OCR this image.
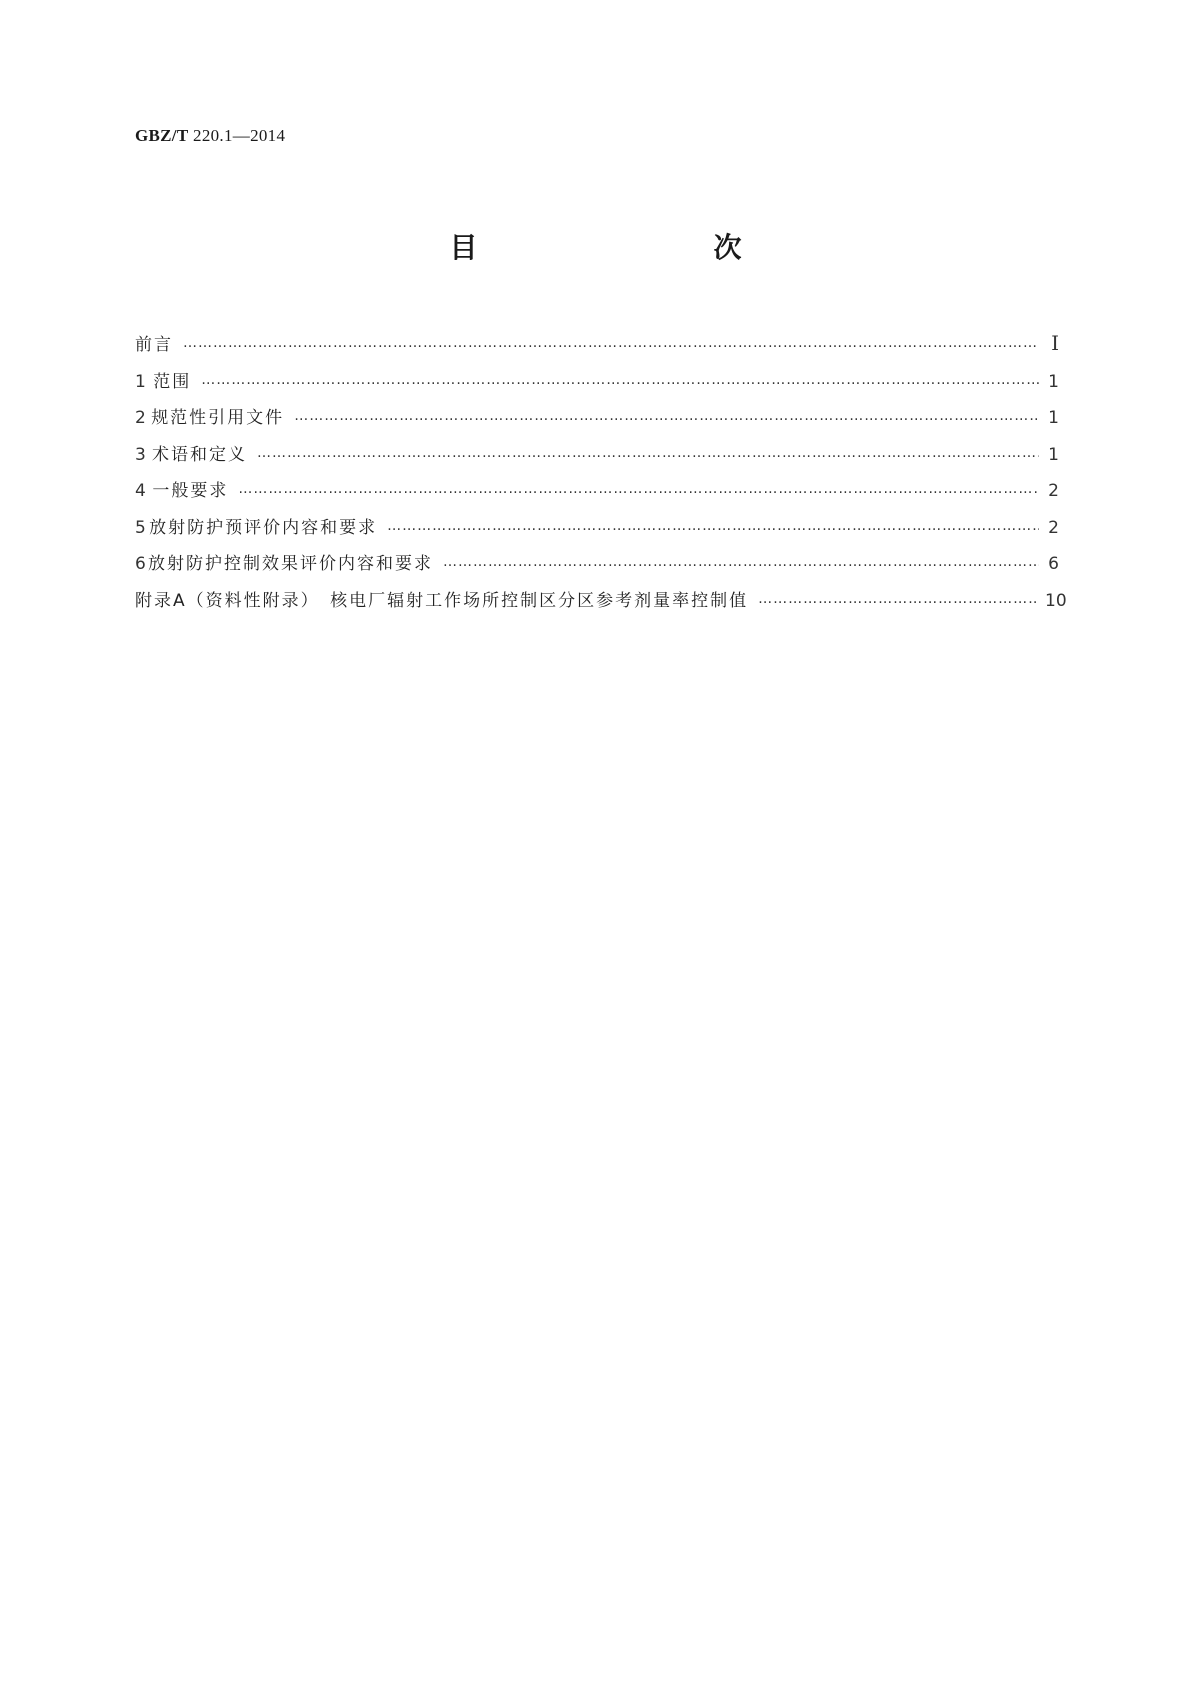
GBZ/T 220.1—2014
目　　次
前言 ……………………………………………………………………………………………………………………………………………………………………………………………………………………………………………………	Ⅰ
1 范围 ……………………………………………………………………………………………………………………………………………………………………………………………………………………………………………………	1
2 规范性引用文件 ……………………………………………………………………………………………………………………………………………………………………………………………………………………………………………………	1
3 术语和定义 ……………………………………………………………………………………………………………………………………………………………………………………………………………………………………………………	1
4 一般要求 ……………………………………………………………………………………………………………………………………………………………………………………………………………………………………………………	2
5 放射防护预评价内容和要求 ……………………………………………………………………………………………………………………………………………………………………………………………………………………………………………………	2
6 放射防护控制效果评价内容和要求 ……………………………………………………………………………………………………………………………………………………………………………………………………………………………………………………	6
附录A（资料性附录）　核电厂辐射工作场所控制区分区参考剂量率控制值 ……………………………………………………………………………………………………………………………………………………………………………………………………………………………………………………	10
